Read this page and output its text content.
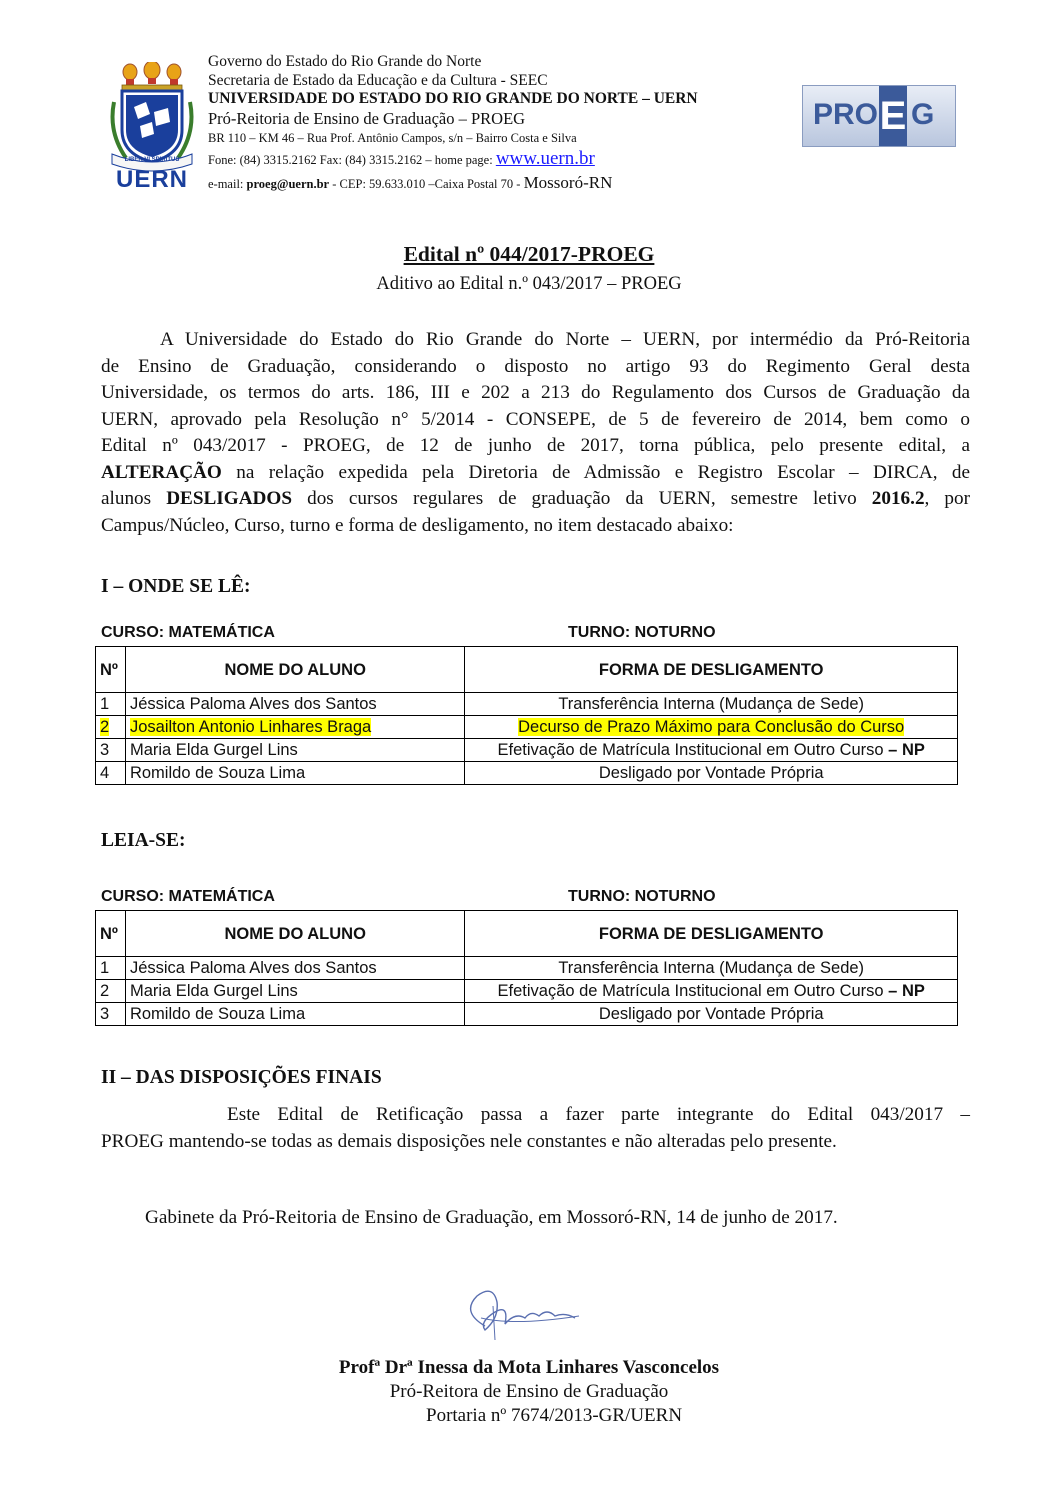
LIBER VI SPIRITUS
UERN
Governo do Estado do Rio Grande do Norte
Secretaria de Estado da Educação e da Cultura - SEEC
UNIVERSIDADE DO ESTADO DO RIO GRANDE DO NORTE – UERN
Pró-Reitoria de Ensino de Graduação – PROEG
BR 110 – KM 46 – Rua Prof. Antônio Campos, s/n – Bairro Costa e Silva
Fone: (84) 3315.2162 Fax: (84) 3315.2162 – home page: www.uern.br
e-mail: proeg@uern.br - CEP: 59.633.010 –Caixa Postal 70 - Mossoró-RN
PRO E G
Edital nº 044/2017-PROEG
Aditivo ao Edital n.º 043/2017 – PROEG
A Universidade do Estado do Rio Grande do Norte – UERN, por intermédio da Pró-Reitoria
de Ensino de Graduação, considerando o disposto no artigo 93 do Regimento Geral desta
Universidade, os termos do arts. 186, III e 202 a 213 do Regulamento dos Cursos de Graduação da
UERN, aprovado pela Resolução n° 5/2014 - CONSEPE, de 5 de fevereiro de 2014, bem como o
Edital nº 043/2017 - PROEG, de 12 de junho de 2017, torna pública, pelo presente edital, a
ALTERAÇÃO na relação expedida pela Diretoria de Admissão e Registro Escolar – DIRCA, de
alunos DESLIGADOS dos cursos regulares de graduação da UERN, semestre letivo 2016.2, por
Campus/Núcleo, Curso, turno e forma de desligamento, no item destacado abaixo:
I – ONDE SE LÊ:
CURSO: MATEMÁTICA	TURNO: NOTURNO
Nº	NOME DO ALUNO	FORMA DE DESLIGAMENTO
1	Jéssica Paloma Alves dos Santos	Transferência Interna (Mudança de Sede)
2	Josailton Antonio Linhares Braga	Decurso de Prazo Máximo para Conclusão do Curso
3	Maria Elda Gurgel Lins	Efetivação de Matrícula Institucional em Outro Curso – NP
4	Romildo de Souza Lima	Desligado por Vontade Própria
LEIA-SE:
CURSO: MATEMÁTICA	TURNO: NOTURNO
Nº	NOME DO ALUNO	FORMA DE DESLIGAMENTO
1	Jéssica Paloma Alves dos Santos	Transferência Interna (Mudança de Sede)
2	Maria Elda Gurgel Lins	Efetivação de Matrícula Institucional em Outro Curso – NP
3	Romildo de Souza Lima	Desligado por Vontade Própria
II – DAS DISPOSIÇÕES FINAIS
Este Edital de Retificação passa a fazer parte integrante do Edital 043/2017 –
PROEG mantendo-se todas as demais disposições nele constantes e não alteradas pelo presente.
Gabinete da Pró-Reitoria de Ensino de Graduação, em Mossoró-RN, 14 de junho de 2017.
Profª Drª Inessa da Mota Linhares Vasconcelos
Pró-Reitora de Ensino de Graduação
Portaria nº 7674/2013-GR/UERN
